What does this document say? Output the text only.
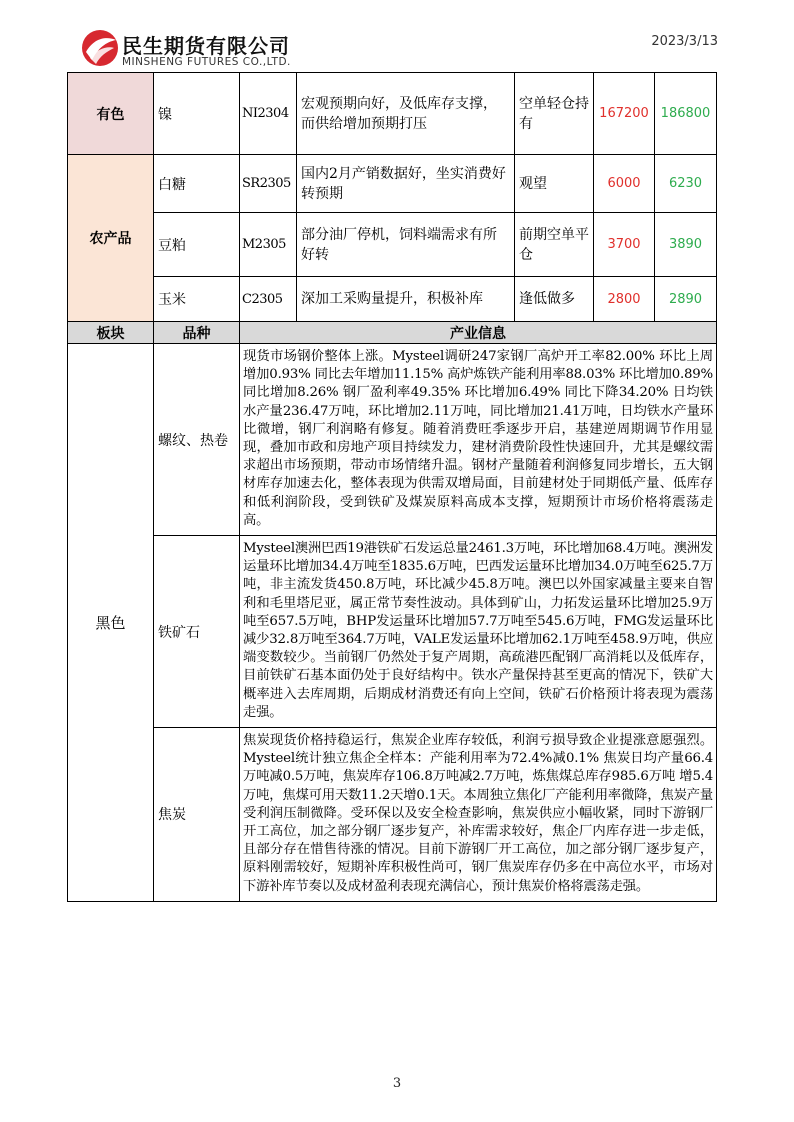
民生期货有限公司
MINSHENG FUTURES CO.,LTD.
2023/3/13
有色	镍	NI2304	宏观预期向好，及低库存支撑，而供给增加预期打压	空单轻仓持有	167200	186800
农产品	白糖	SR2305	国内2月产销数据好，坐实消费好转预期	观望	6000	6230
	豆粕	M2305	部分油厂停机，饲料端需求有所好转	前期空单平仓	3700	3890
	玉米	C2305	深加工采购量提升，积极补库	逢低做多	2800	2890
板块	品种	产业信息				
黑色	螺纹、热卷	现货市场钢价整体上涨。Mysteel调研247家钢厂高炉开工率82.00% 环比上周增加0.93% 同比去年增加11.15% 高炉炼铁产能利用率88.03% 环比增加0.89% 同比增加8.26% 钢厂盈利率49.35% 环比增加6.49% 同比下降34.20% 日均铁水产量236.47万吨，环比增加2.11万吨，同比增加21.41万吨，日均铁水产量环比微增，钢厂利润略有修复。随着消费旺季逐步开启，基建逆周期调节作用显现，叠加市政和房地产项目持续发力，建材消费阶段性快速回升，尤其是螺纹需求超出市场预期，带动市场情绪升温。钢材产量随着利润修复同步增长，五大钢材库存加速去化，整体表现为供需双增局面，目前建材处于同期低产量、低库存和低利润阶段，受到铁矿及煤炭原料高成本支撑，短期预计市场价格将震荡走高。				
	铁矿石	Mysteel澳洲巴西19港铁矿石发运总量2461.3万吨，环比增加68.4万吨。澳洲发运量环比增加34.4万吨至1835.6万吨，巴西发运量环比增加34.0万吨至625.7万吨，非主流发货450.8万吨，环比减少45.8万吨。澳巴以外国家减量主要来自智利和毛里塔尼亚，属正常节奏性波动。具体到矿山，力拓发运量环比增加25.9万吨至657.5万吨，BHP发运量环比增加57.7万吨至545.6万吨，FMG发运量环比减少32.8万吨至364.7万吨，VALE发运量环比增加62.1万吨至458.9万吨，供应端变数较少。当前钢厂仍然处于复产周期，高疏港匹配钢厂高消耗以及低库存，目前铁矿石基本面仍处于良好结构中。铁水产量保持甚至更高的情况下，铁矿大概率进入去库周期，后期成材消费还有向上空间，铁矿石价格预计将表现为震荡走强。				
	焦炭	焦炭现货价格持稳运行，焦炭企业库存较低，利润亏损导致企业提涨意愿强烈。Mysteel统计独立焦企全样本：产能利用率为72.4%减0.1% 焦炭日均产量66.4万吨减0.5万吨，焦炭库存106.8万吨减2.7万吨，炼焦煤总库存985.6万吨 增5.4万吨，焦煤可用天数11.2天增0.1天。本周独立焦化厂产能利用率微降，焦炭产量受利润压制微降。受环保以及安全检查影响，焦炭供应小幅收紧，同时下游钢厂开工高位，加之部分钢厂逐步复产，补库需求较好，焦企厂内库存进一步走低，且部分存在惜售待涨的情况。目前下游钢厂开工高位，加之部分钢厂逐步复产，原料刚需较好，短期补库积极性尚可，钢厂焦炭库存仍多在中高位水平，市场对下游补库节奏以及成材盈利表现充满信心，预计焦炭价格将震荡走强。				
3
